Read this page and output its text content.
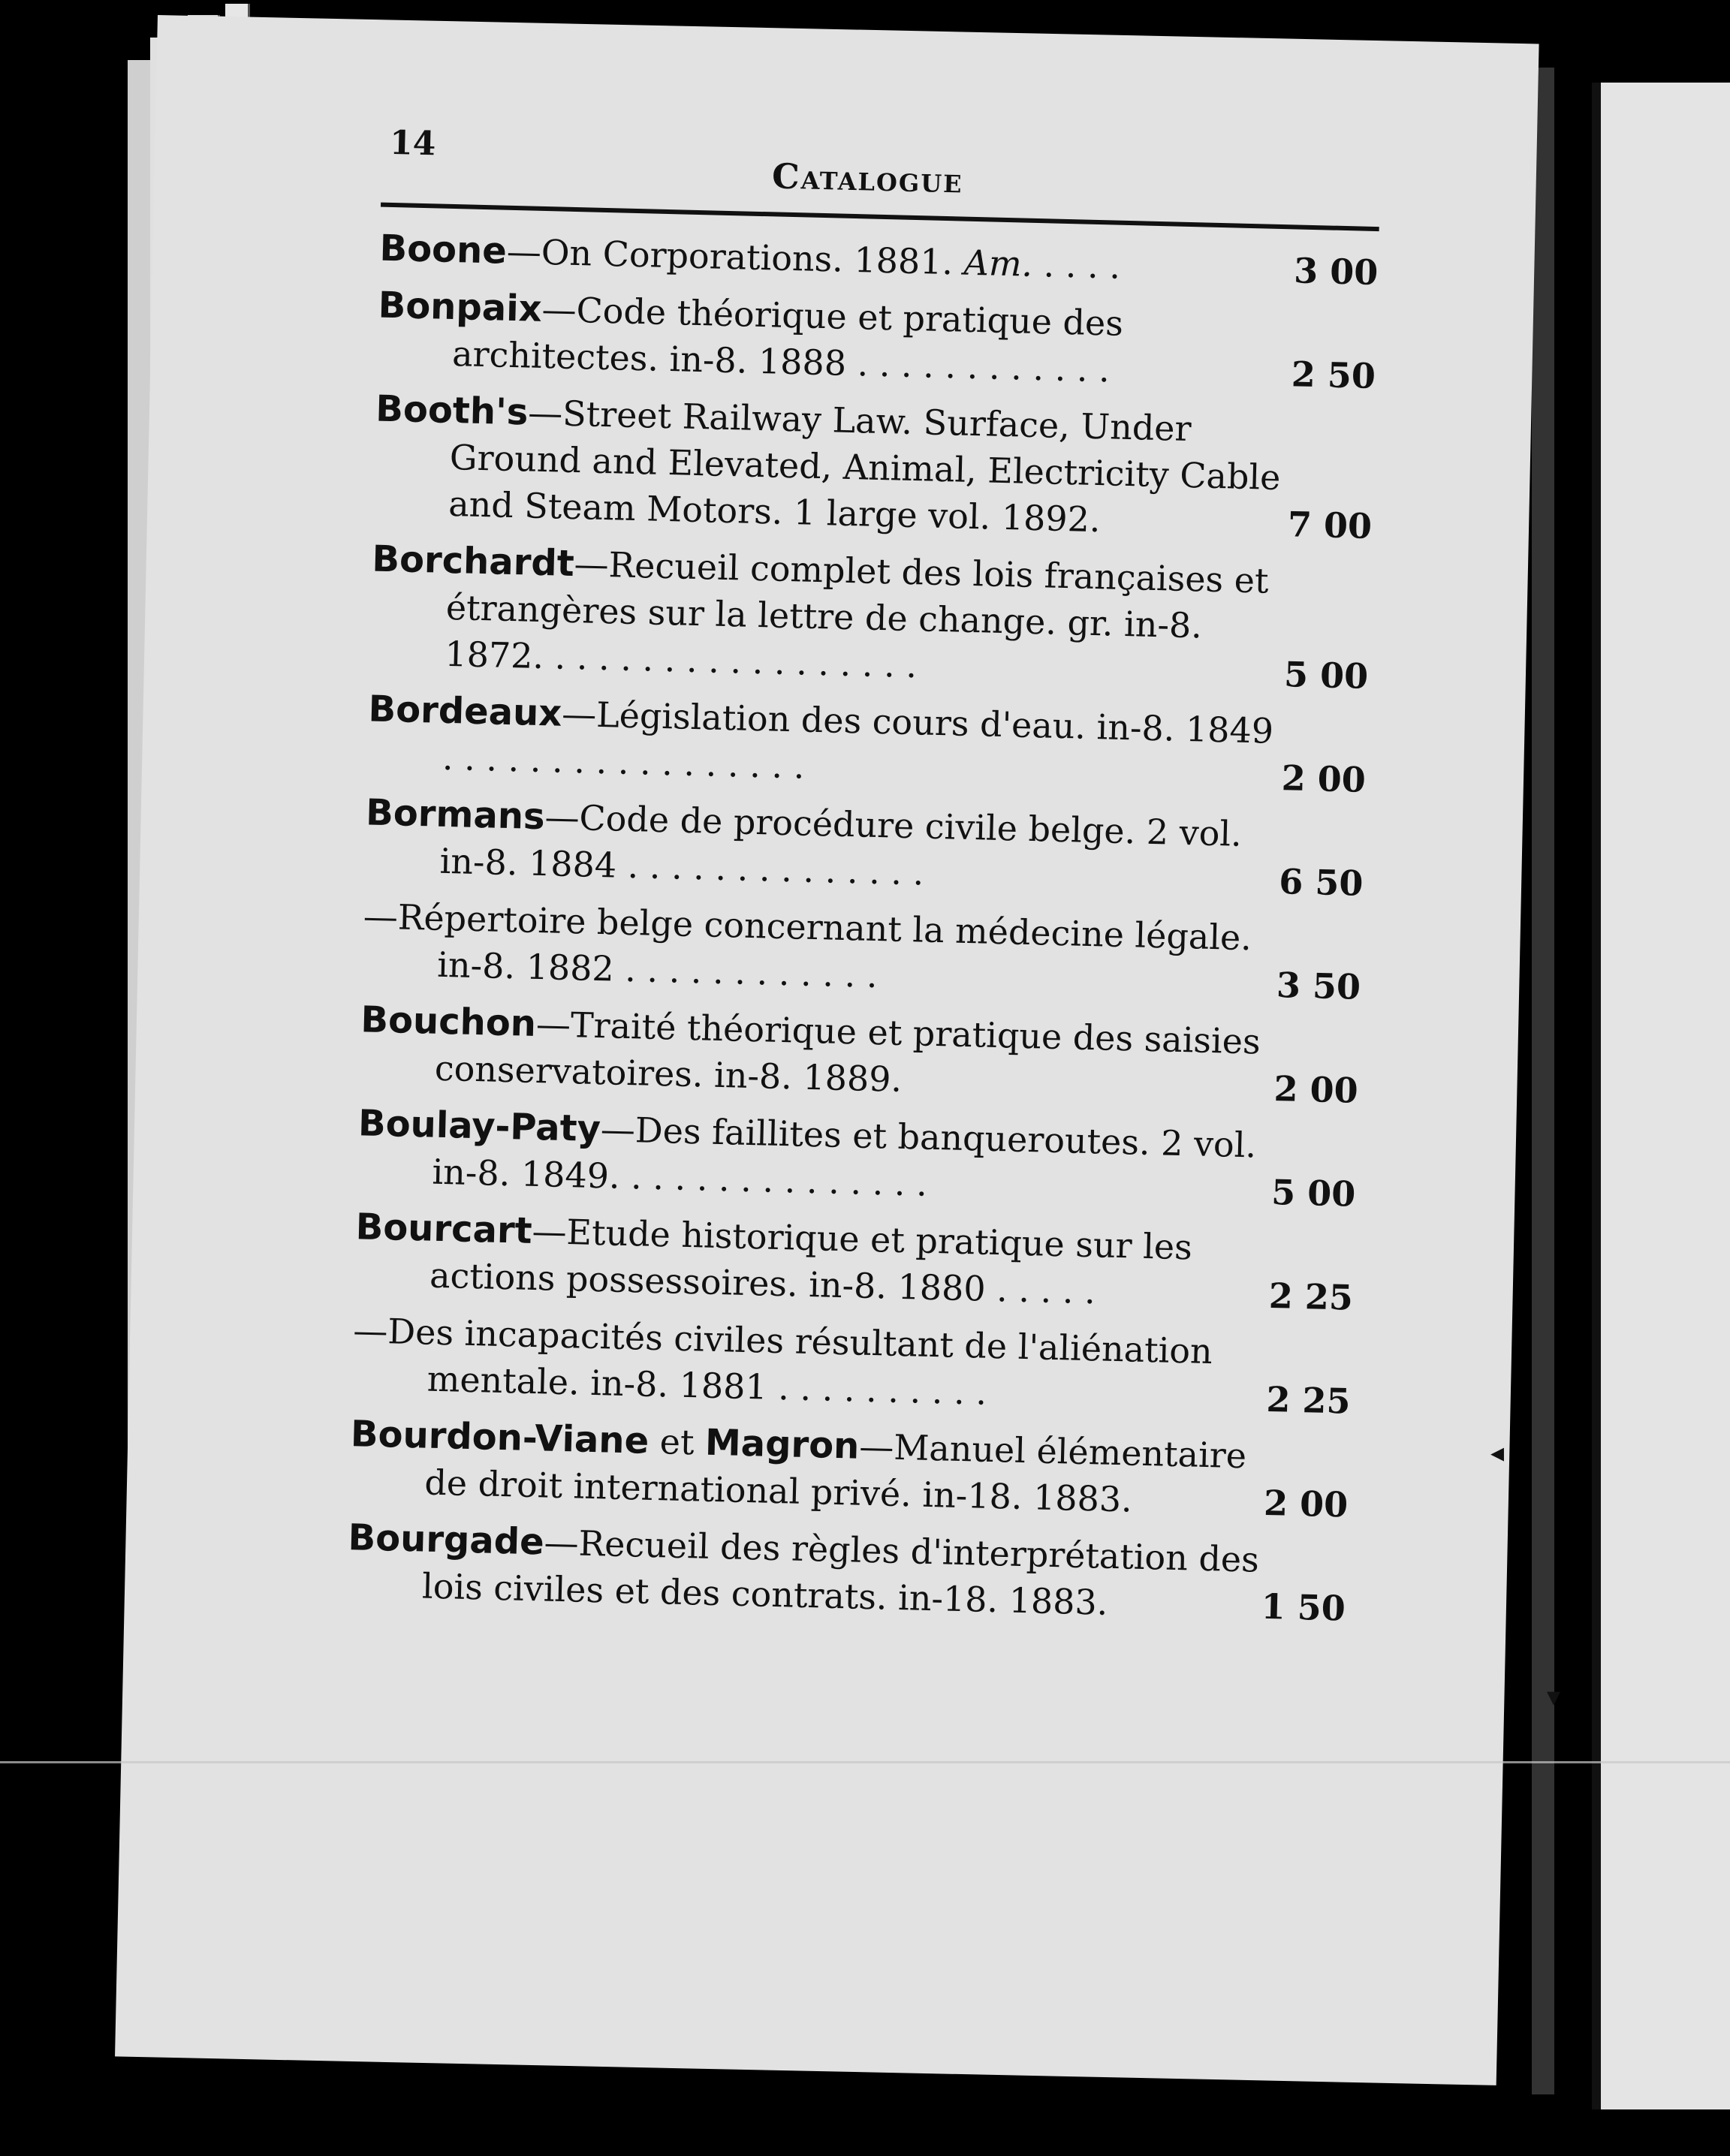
14
Catalogue
Boone—On Corporations. 1881. Am. . . . .	3 00
Bonpaix—Code théorique et pratique des architectes. in-8. 1888 . . . . . . . . . . . .	2 50
Booth's—Street Railway Law. Surface, Under Ground and Elevated, Animal, Electricity Cable and Steam Motors. 1 large vol. 1892.	7 00
Borchardt—Recueil complet des lois françaises et étrangères sur la lettre de change. gr. in-8. 1872. . . . . . . . . . . . . . . . . .	5 00
Bordeaux—Législation des cours d'eau. in-8. 1849 . . . . . . . . . . . . . . . . .	2 00
Bormans—Code de procédure civile belge. 2 vol. in-8. 1884 . . . . . . . . . . . . . .	6 50
—Répertoire belge concernant la médecine légale. in-8. 1882 . . . . . . . . . . . .	3 50
Bouchon—Traité théorique et pratique des saisies conservatoires. in-8. 1889.	2 00
Boulay-Paty—Des faillites et banqueroutes. 2 vol. in-8. 1849. . . . . . . . . . . . . . .	5 00
Bourcart—Etude historique et pratique sur les actions possessoires. in-8. 1880 . . . . .	2 25
—Des incapacités civiles résultant de l'aliénation mentale. in-8. 1881 . . . . . . . . . .	2 25
Bourdon-Viane et Magron—Manuel élémentaire de droit international privé. in-18. 1883.	2 00
Bourgade—Recueil des règles d'interprétation des lois civiles et des contrats. in-18. 1883.	1 50
◂
▾
